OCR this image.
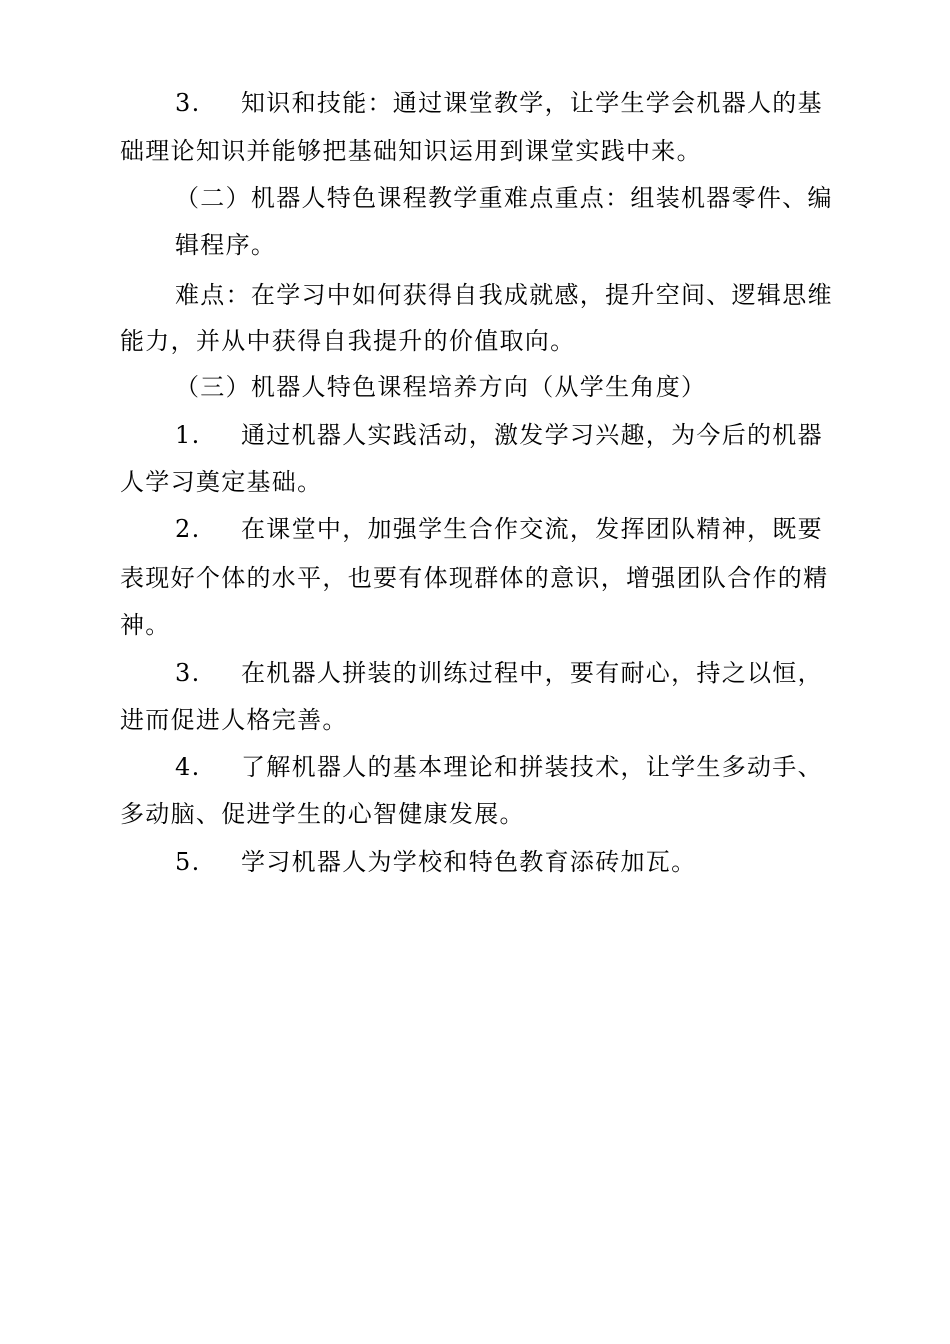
3. 知识和技能：通过课堂教学，让学生学会机器人的基
础理论知识并能够把基础知识运用到课堂实践中来。
（二）机器人特色课程教学重难点重点：组装机器零件、编
辑程序。
难点：在学习中如何获得自我成就感，提升空间、逻辑思维
能力，并从中获得自我提升的价值取向。
（三）机器人特色课程培养方向（从学生角度）
1. 通过机器人实践活动，激发学习兴趣，为今后的机器
人学习奠定基础。
2. 在课堂中，加强学生合作交流，发挥团队精神，既要
表现好个体的水平，也要有体现群体的意识，增强团队合作的精
神。
3. 在机器人拼装的训练过程中，要有耐心，持之以恒，
进而促进人格完善。
4. 了解机器人的基本理论和拼装技术，让学生多动手、
多动脑、促进学生的心智健康发展。
5. 学习机器人为学校和特色教育添砖加瓦。
